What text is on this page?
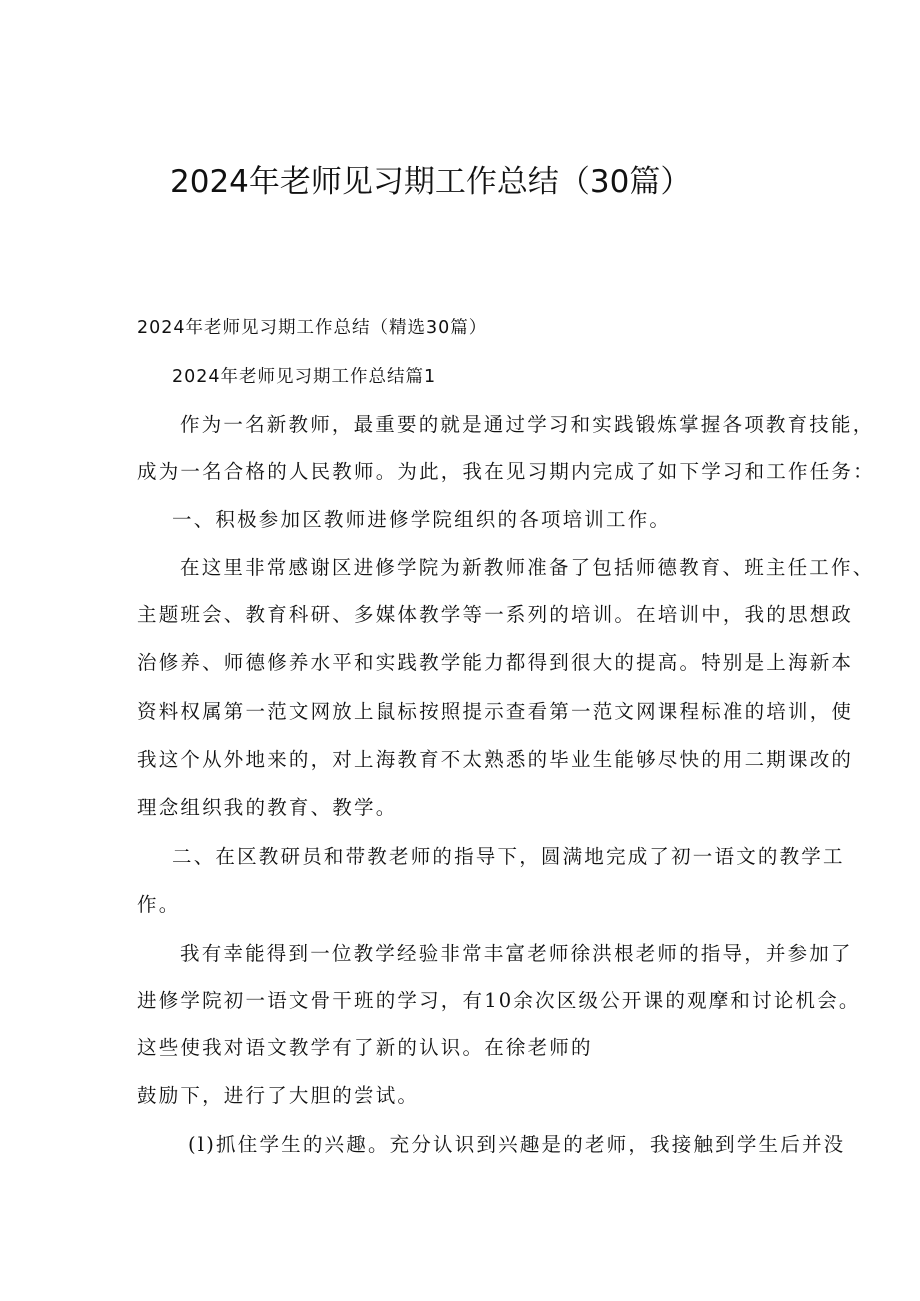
2024年老师见习期工作总结（30篇）
2024年老师见习期工作总结（精选30篇）
2024年老师见习期工作总结篇1
作为一名新教师，最重要的就是通过学习和实践锻炼掌握各项教育技能，
成为一名合格的人民教师。为此，我在见习期内完成了如下学习和工作任务：
一、积极参加区教师进修学院组织的各项培训工作。
在这里非常感谢区进修学院为新教师准备了包括师德教育、班主任工作、
主题班会、教育科研、多媒体教学等一系列的培训。在培训中，我的思想政
治修养、师德修养水平和实践教学能力都得到很大的提高。特别是上海新本
资料权属第一范文网放上鼠标按照提示查看第一范文网课程标准的培训，使
我这个从外地来的，对上海教育不太熟悉的毕业生能够尽快的用二期课改的
理念组织我的教育、教学。
二、在区教研员和带教老师的指导下，圆满地完成了初一语文的教学工
作。
我有幸能得到一位教学经验非常丰富老师徐洪根老师的指导，并参加了
进修学院初一语文骨干班的学习，有10余次区级公开课的观摩和讨论机会。
这些使我对语文教学有了新的认识。在徐老师的
鼓励下，进行了大胆的尝试。
(l)抓住学生的兴趣。充分认识到兴趣是的老师，我接触到学生后并没
